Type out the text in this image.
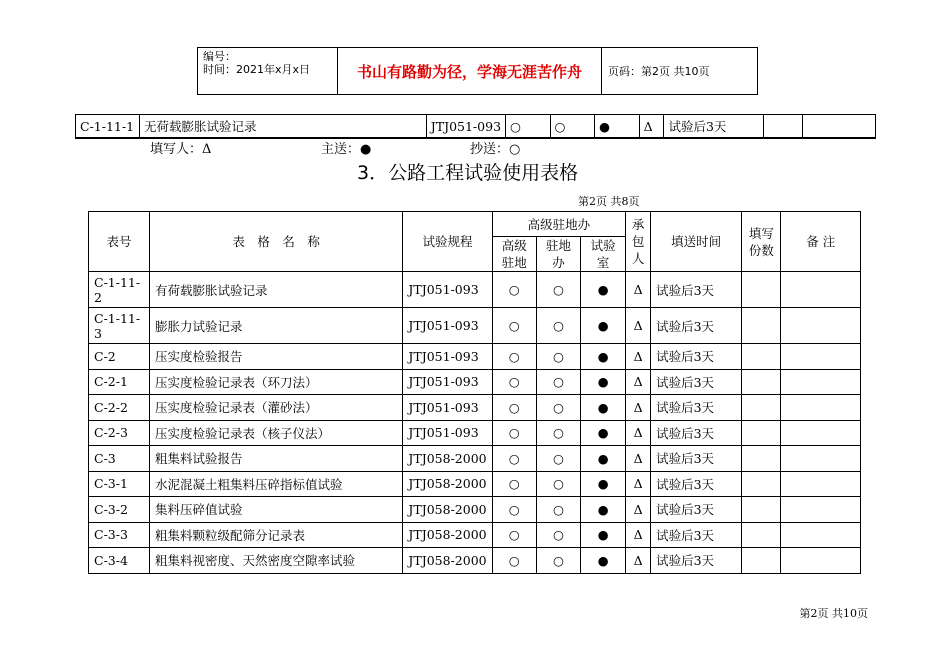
编号：
时间：2021年x月x日	书山有路勤为径，学海无涯苦作舟	页码：第2页 共10页
C-1-11-1	无荷载膨胀试验记录	JTJ051-093	○	○	●	Δ	试验后3天		
填写人：Δ	主送：●	抄送：○
3．公路工程试验使用表格
第2页 共8页
表号	表　格　名　称	试验规程	高级驻地办			承包人	填送时间	填写份数	备 注
			高级驻地	驻地办	试验室				
C-1-11-2	有荷载膨胀试验记录	JTJ051-093	○	○	●	Δ	试验后3天		
C-1-11-3	膨胀力试验记录	JTJ051-093	○	○	●	Δ	试验后3天		
C-2	压实度检验报告	JTJ051-093	○	○	●	Δ	试验后3天		
C-2-1	压实度检验记录表（环刀法）	JTJ051-093	○	○	●	Δ	试验后3天		
C-2-2	压实度检验记录表（灌砂法）	JTJ051-093	○	○	●	Δ	试验后3天		
C-2-3	压实度检验记录表（核子仪法）	JTJ051-093	○	○	●	Δ	试验后3天		
C-3	粗集料试验报告	JTJ058-2000	○	○	●	Δ	试验后3天		
C-3-1	水泥混凝土粗集料压碎指标值试验	JTJ058-2000	○	○	●	Δ	试验后3天		
C-3-2	集料压碎值试验	JTJ058-2000	○	○	●	Δ	试验后3天		
C-3-3	粗集料颗粒级配筛分记录表	JTJ058-2000	○	○	●	Δ	试验后3天		
C-3-4	粗集料视密度、天然密度空隙率试验	JTJ058-2000	○	○	●	Δ	试验后3天		
第2页 共10页
